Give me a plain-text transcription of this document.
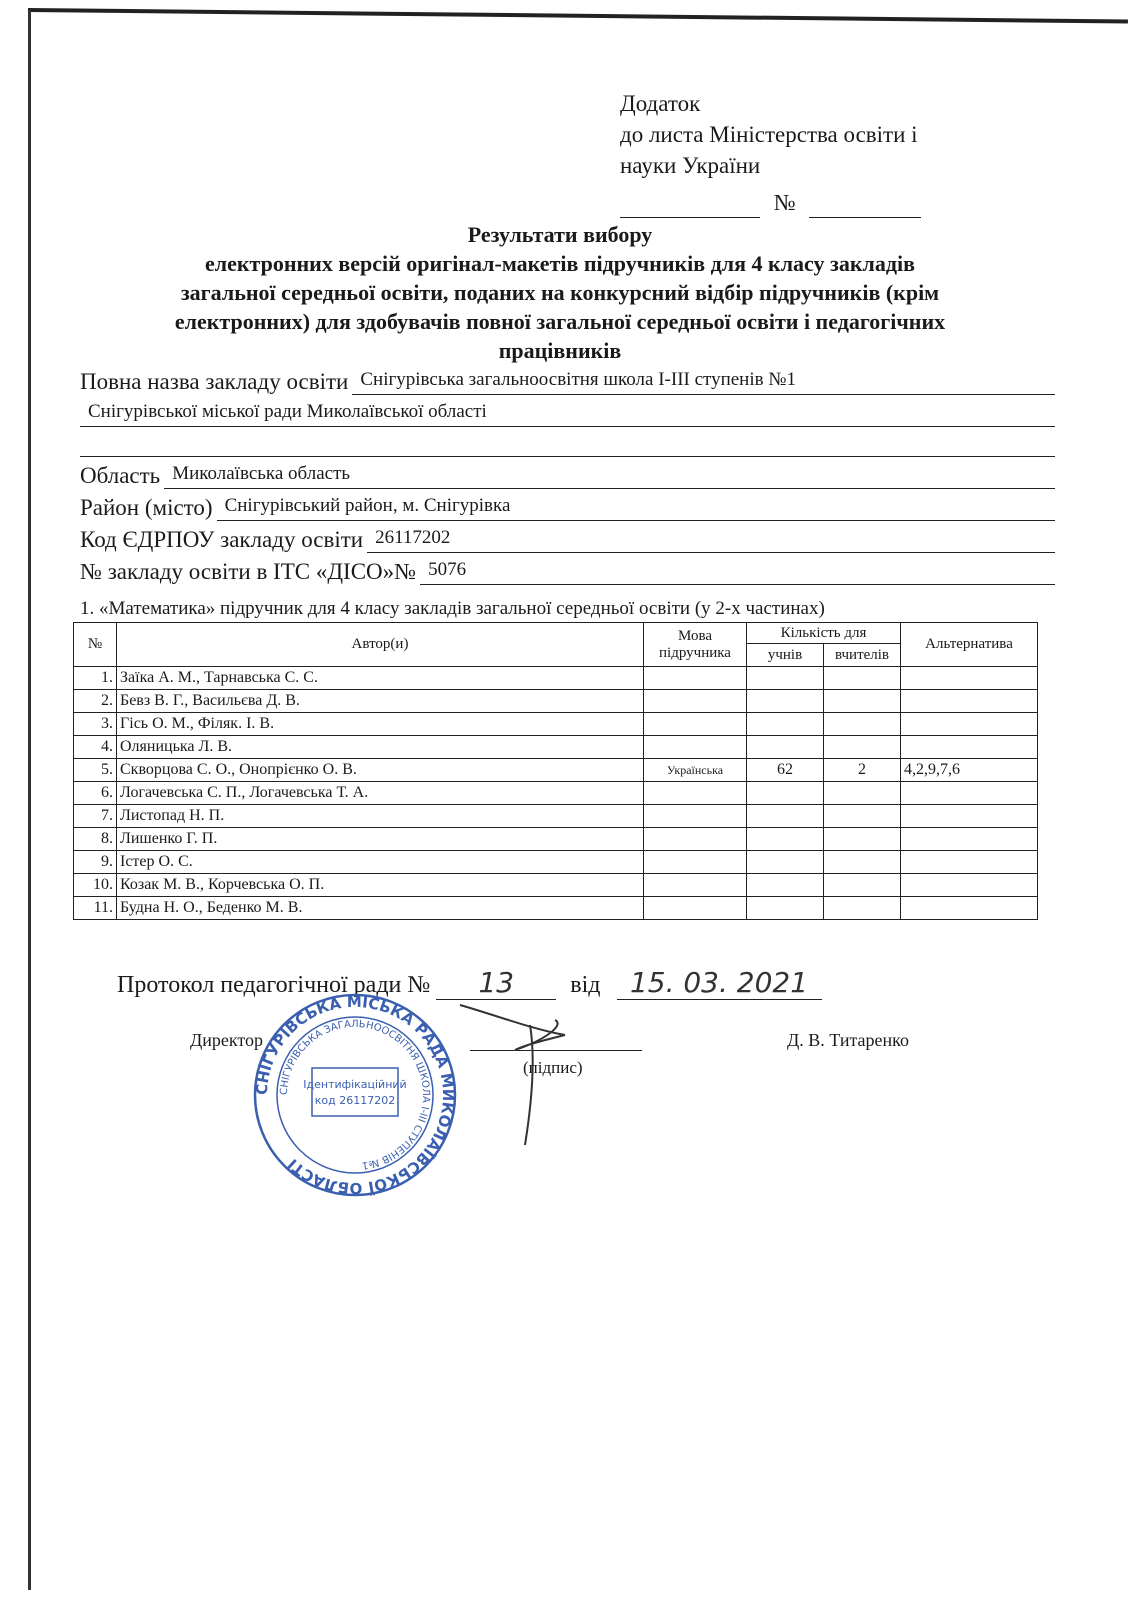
Додаток
до листа Міністерства освіти і
науки України
№
Результати вибору
електронних версій оригінал-макетів підручників для 4 класу закладів
загальної середньої освіти, поданих на конкурсний відбір підручників (крім
електронних) для здобувачів повної загальної середньої освіти і педагогічних
працівників
Повна назва закладу освіти Снігурівська загальноосвітня школа І-ІІІ ступенів №1
Снігурівської міської ради Миколаївської області
Область Миколаївська область
Район (місто) Снігурівський район, м. Снігурівка
Код ЄДРПОУ закладу освіти 26117202
№ закладу освіти в ІТС «ДІСО»№ 5076
1. «Математика» підручник для 4 класу закладів загальної середньої освіти (у 2-х частинах)
№	Автор(и)	Мова підручника	Кількість для		Альтернатива
			учнів	вчителів	
1.	Заїка А. М., Тарнавська С. С.				
2.	Бевз В. Г., Васильєва Д. В.				
3.	Гісь О. М., Філяк. І. В.				
4.	Оляницька Л. В.				
5.	Скворцова С. О., Онопрієнко О. В.	Українська	62	2	4,2,9,7,6
6.	Логачевська С. П., Логачевська Т. А.				
7.	Листопад Н. П.				
8.	Лишенко Г. П.				
9.	Істер О. С.				
10.	Козак М. В., Корчевська О. П.				
11.	Будна Н. О., Беденко М. В.				
Протокол педагогічної ради № 13 від 15. 03. 2021
Директор
(підпис)
Д. В. Титаренко
СНІГУРІВСЬКА МІСЬКА РАДА МИКОЛАЇВСЬКОЇ ОБЛАСТІ
СНІГУРІВСЬКА ЗАГАЛЬНООСВІТНЯ ШКОЛА І-ІІІ СТУПЕНІВ №1
Ідентифікаційний
код 26117202
